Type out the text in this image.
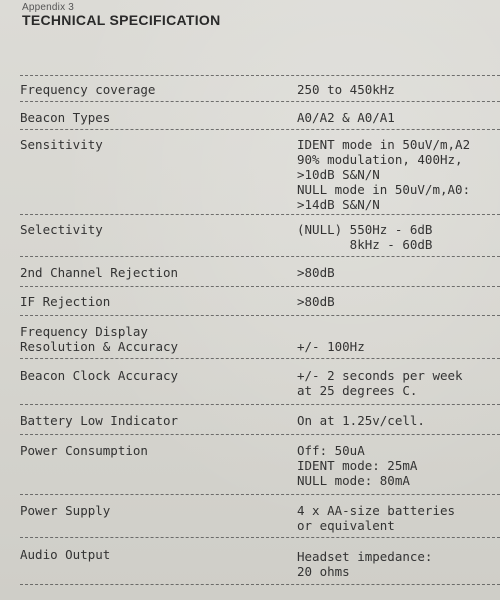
Appendix 3
TECHNICAL SPECIFICATION
Frequency coverage	250 to 450kHz
Beacon Types	A0/A2 & A0/A1
Sensitivity	IDENT mode in 50uV/m,A2
90% modulation, 400Hz,
>10dB S&N/N
NULL mode in 50uV/m,A0:
>14dB S&N/N
Selectivity	(NULL) 550Hz - 6dB
8kHz - 60dB
2nd Channel Rejection	>80dB
IF Rejection	>80dB
Frequency Display
Resolution & Accuracy	+/- 100Hz
Beacon Clock Accuracy	+/- 2 seconds per week
at 25 degrees C.
Battery Low Indicator	On at 1.25v/cell.
Power Consumption	Off: 50uA
IDENT mode: 25mA
NULL mode: 80mA
Power Supply	4 x AA-size batteries
or equivalent
Audio Output	Headset impedance:
20 ohms
